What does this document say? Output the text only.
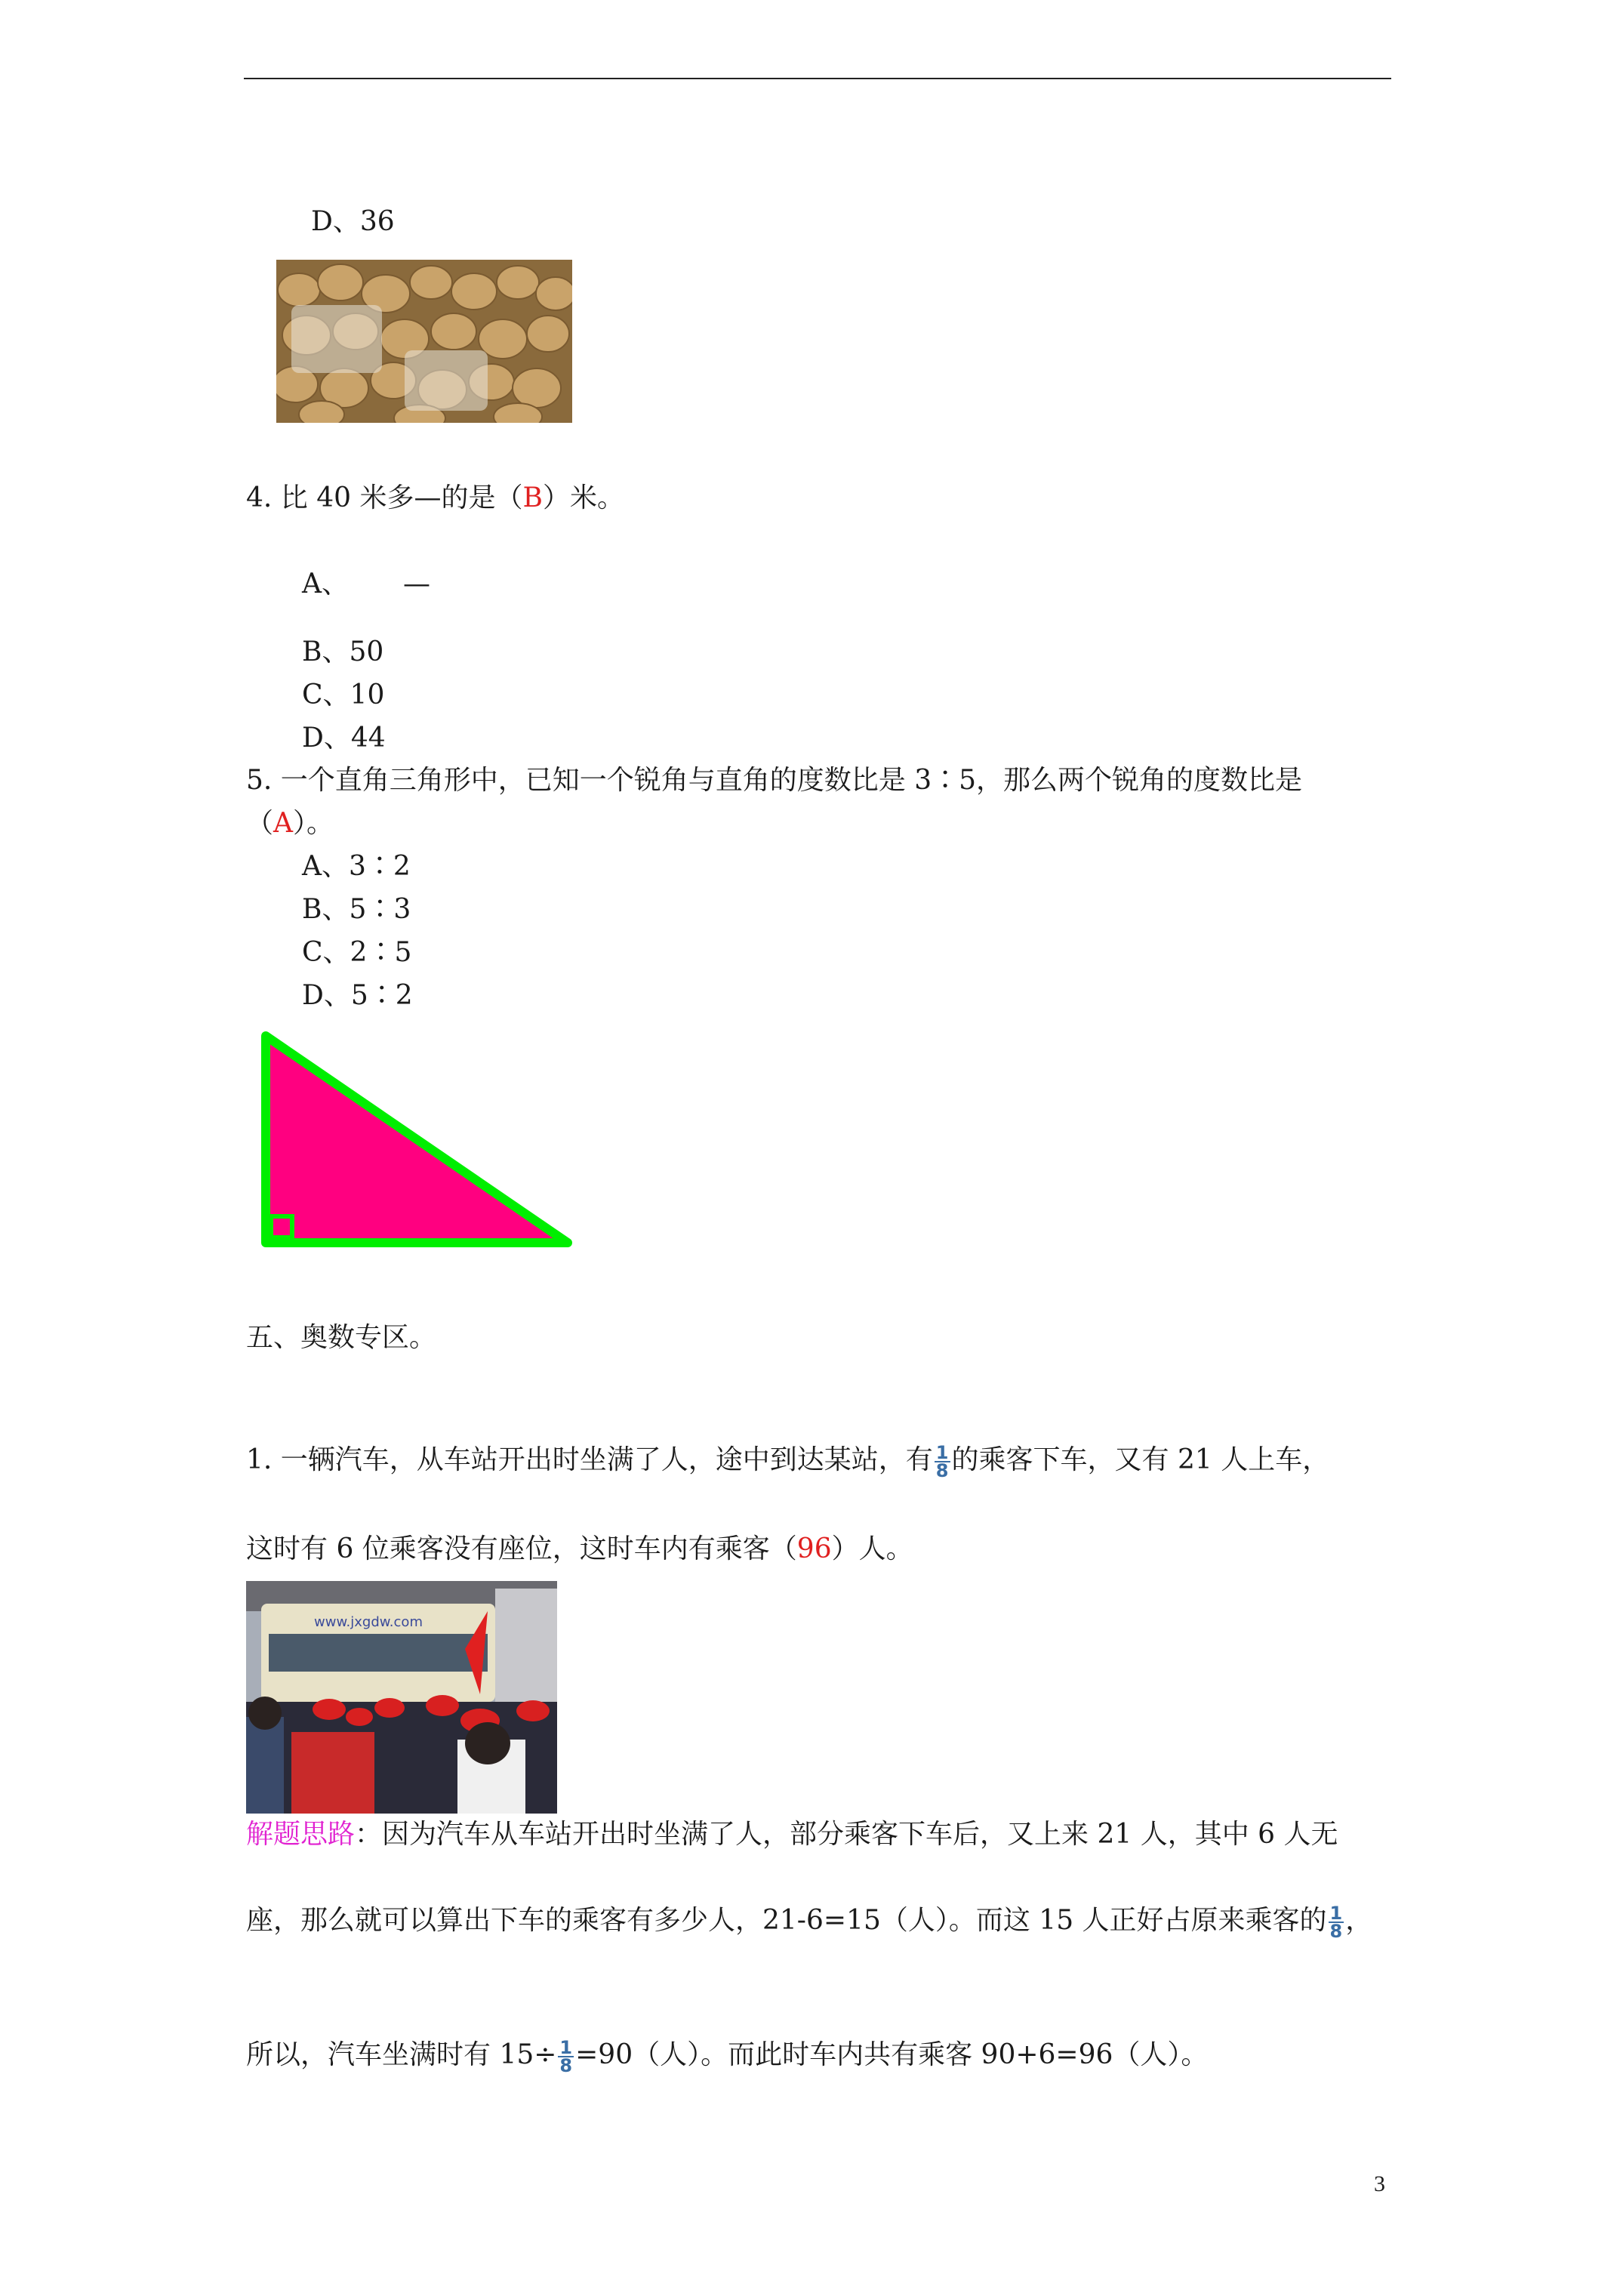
D、36
4. 比 40 米多—的是（B）米。
A、 —
B、50
C、10
D、44
5. 一个直角三角形中，已知一个锐角与直角的度数比是 3∶5，那么两个锐角的度数比是
（A）。
A、3∶2
B、5∶3
C、2∶5
D、5∶2
五、奥数专区。
1. 一辆汽车，从车站开出时坐满了人，途中到达某站，有 $\frac{1}{8}$ 的乘客下车，又有 21 人上车，
这时有 6 位乘客没有座位，这时车内有乘客（96）人。
www.jxgdw.com
解题思路：因为汽车从车站开出时坐满了人，部分乘客下车后，又上来 21 人，其中 6 人无
座，那么就可以算出下车的乘客有多少人，21-6=15（人）。而这 15 人正好占原来乘客的 $\frac{1}{8}$ ，
所以，汽车坐满时有 $15\div \frac{1}{8} =90$（人）。而此时车内共有乘客 90+6=96（人）。
3
